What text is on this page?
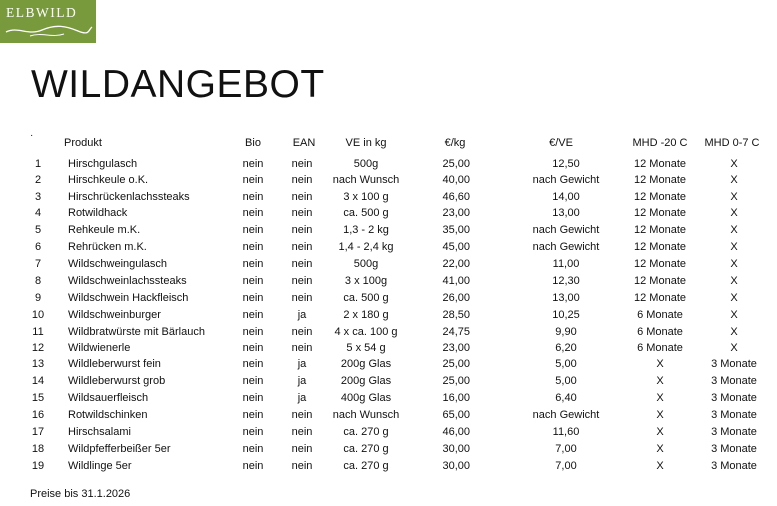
ELBWILD
WILDANGEBOT
·
Produkt	Bio	EAN	VE in kg	€/kg	€/VE	MHD -20 C MHD 0-7 C
1 Hirschgulasch	nein	nein	500g	25,00	12,50	12 Monate	X
2 Hirschkeule o.K.	nein	nein nach Wunsch	40,00	nach Gewicht	12 Monate	X
3 Hirschrückenlachssteaks	nein	nein	3 x 100 g	46,60	14,00	12 Monate	X
4 Rotwildhack	nein	nein	ca. 500 g	23,00	13,00	12 Monate	X
5 Rehkeule m.K.	nein	nein	1,3 - 2 kg	35,00	nach Gewicht	12 Monate	X
6 Rehrücken m.K.	nein	nein 1,4 - 2,4 kg	45,00	nach Gewicht	12 Monate	X
7 Wildschweingulasch	nein	nein	500g	22,00	11,00	12 Monate	X
8 Wildschweinlachssteaks	nein	nein	3 x 100g	41,00	12,30	12 Monate	X
9 Wildschwein Hackfleisch	nein	nein	ca. 500 g	26,00	13,00	12 Monate	X
10 Wildschweinburger	nein	ja	2 x 180 g	28,50	10,25	6 Monate	X
11 Wildbratwürste mit Bärlauch	nein	nein 4 x ca. 100 g	24,75	9,90	6 Monate	X
12 Wildwienerle	nein	nein	5 x 54 g	23,00	6,20	6 Monate	X
13 Wildleberwurst fein	nein	ja	200g Glas	25,00	5,00	X	3 Monate
14 Wildleberwurst grob	nein	ja	200g Glas	25,00	5,00	X	3 Monate
15 Wildsauerfleisch	nein	ja	400g Glas	16,00	6,40	X	3 Monate
16 Rotwildschinken	nein	nein nach Wunsch	65,00	nach Gewicht	X	3 Monate
17 Hirschsalami	nein	nein	ca. 270 g	46,00	11,60	X	3 Monate
18 Wildpfefferbeißer 5er	nein	nein	ca. 270 g	30,00	7,00	X	3 Monate
19 Wildlinge 5er	nein	nein	ca. 270 g	30,00	7,00	X	3 Monate
Preise bis 31.1.2026
